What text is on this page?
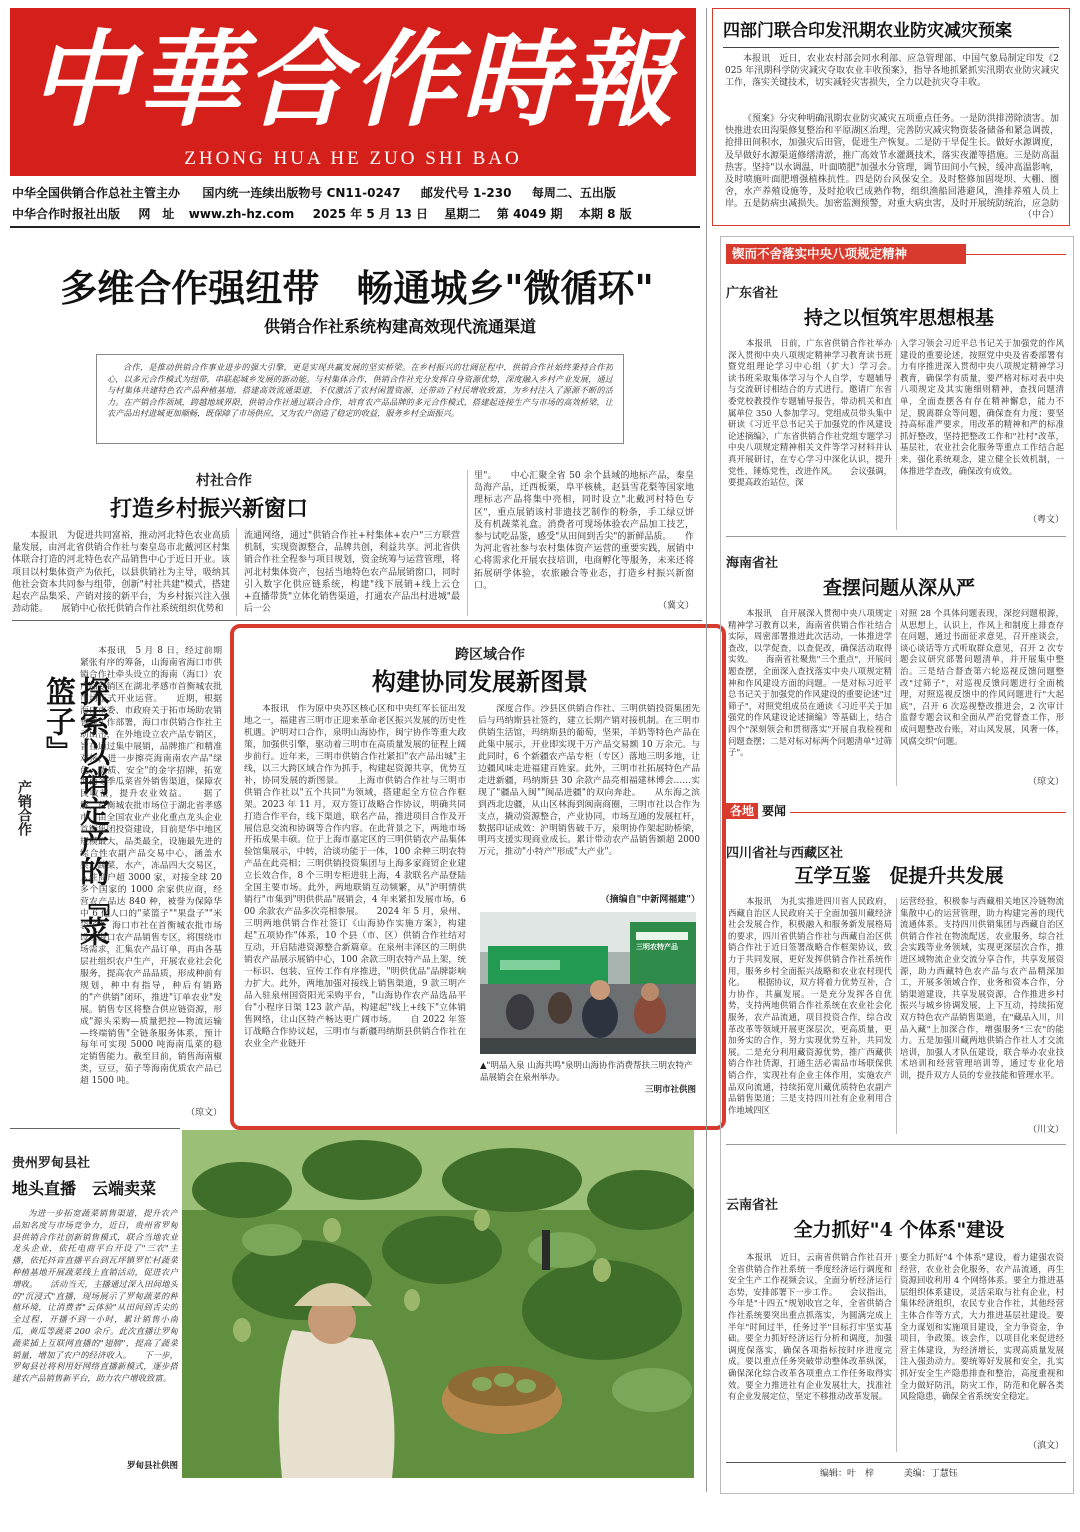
中華合作時報
ZHONG HUA HE ZUO SHI BAO
中华全国供销合作总社主管主办 国内统一连续出版物号 CN11-0247 邮发代号 1-230 每周二、五出版
中华合作时报社出版 网　址 www.zh-hz.com 2025 年 5 月 13 日 星期二 第 4049 期 本期 8 版
四部门联合印发汛期农业防灾减灾预案
本报讯　近日，农业农村部会同水利部、应急管理部、中国气象局制定印发《2025 年汛期科学防灾减灾夺取农业丰收预案》，指导各地抓紧抓实汛期农业防灾减灾工作，落实关键技术，切实减轻灾害损失，全力以赴抗灾夺丰收。
《预案》分灾种明确汛期农业防灾减灾五项重点任务。一是防洪排涝除渍害。加快推进农田沟渠修复整治和平原湖区治理，完善防灾减灾物资装备储备和紧急调拨，抢排田间积水，加强灾后田管，促进生产恢复。二是防干旱促生长。做好水源调度，及早做好水源渠道修缮清淤，推广高效节水灌溉技术，落实夜灌等措施。三是防高温热害。坚持"以水调温，叶面喷肥"加强水分管理，调节田间小气候，缓冲高温影响，及时喷施叶面肥增强植株抗性。四是防台风保安全。及时整修加固堤坝、大棚、圈舍，水产养殖设施等，及时抢收已成熟作物，组织渔船回港避风，渔排养殖人员上岸。五是防病虫减损失。加密监测预警，对重大病虫害，及时开展统防统治，应急防
（中合）
多维合作强纽带　畅通城乡"微循环"
供销合作社系统构建高效现代流通渠道
合作，是推动供销合作事业进步的强大引擎，更是实现共赢发展的坚实桥梁。在乡村振兴的壮阔征程中，供销合作社始终秉持合作初心，以多元合作模式为纽带，串联起城乡发展的新动能。与村集体合作，供销合作社充分发挥自身资源优势，深度融入乡村产业发展，通过与村集体共建特色农产品种植基地，搭建高效流通渠道，不仅激活了农村闲置资源，还带动了村民增收致富，为乡村注入了源源不断的活力。在产销合作领域，跨越地域界限，供销合作社通过联合合作，培育农产品品牌的多元合作模式，搭建起连接生产与市场的高效桥梁，让农产品出村进城更加顺畅，既保障了市场供应，又为农户创造了稳定的收益，服务乡村全面振兴。
村社合作
打造乡村振兴新窗口
本报讯　为促进共同富裕，推动河北特色农业高质量发展，由河北省供销合作社与秦皇岛市北戴河区村集体联合打造的河北特色农产品销售中心于近日开业。该项目以村集体资产为依托，以县供销社为主导，吸纳其他社会资本共同参与组带，创新"村社共建"模式，搭建起农产品集采、产销对接的新平台，为乡村振兴注入强劲动能。　　展销中心依托供销合作社系统组织优势和
流通网络，通过"供销合作社+村集体+农户"三方联营机制，实现资源整合，品牌共创，利益共享。河北省供销合作社全程参与项目规划，资金统筹与运营管理，将河北村集体资产，包括当地特色农产品展销窗口，同时引入数字化供应链系统，构建"线下展销+线上云仓+直播带货"立体化销售渠道，打通农产品出村进城"最后一公
里"。　　中心汇聚全省 50 余个县域的地标产品，秦皇岛海产品，迁西板栗，阜平核桃，赵县雪花梨等国家地理标志产品将集中亮相，同时设立"北戴河村特色专区"，重点展销该村非遗技艺制作的粉条，手工绿豆饼及有机蔬菜礼盒。消费者可现场体验农产品加工技艺，参与试吃品鉴，感受"从田间到舌尖"的新鲜品质。　　作为河北省社参与农村集体资产运营的重要实践，展销中心将需求化开展农技培训，电商孵化等服务，未来还将拓展研学体验，农旅融合等业态，打造乡村振兴新窗口。
（冀文）
产销合作	探索以销定产的『菜篮子』
本报讯　5 月 8 日，经过前期紧张有序的筹备，山海南省海口市供销合作社牵头设立的海南（海口）农产品专销区在湖北孝感市首衡城农批市场正式开业运营。　　近期，根据海口市委、市政府关于拓市场助农销售等工作部署，海口市供销合作社主动出击，在外地设立农产品专销区，旨在通过集中展销，品牌推广和精准对接，进一步擦亮海南南农产品"绿色、优质、安全"的金字招牌，拓宽海南冬季瓜菜省外销售渠道，保障农民收益，提升农业效益。　　据了解，首衡城农批市场位于湖北省孝感市，由全国农业产业化重点龙头企业首衡集团投资建设，目前是华中地区规模最大，品类最全，设施最先进的综合性农副产品交易中心，涵盖水果，蔬菜，水产，冻品四大交易区，入驻商户超 3000 家，对接全球 20 多个国家的 1000 余家供应商，经营农产品达 840 种，被誉为保障华中 6 亿人口的"菜篮子""果盘子""米袋子"。海口市社在首衡城农批市场设立海口农产品销售专区，将围绕市场需求，汇集农产品订单，再由各基层社组织农户生产，开展农业社会化服务，提高农产品品质，形成种前有规划，种中有指导，种后有销路的"产供销"闭环，推进"订单农业"发展。销售专区将整合供应链资源，形成"源头采购—质量把控—物流运输—终端销售"全链条服务体系，预计每年可实现 5000 吨海南瓜菜的稳定销售能力。截至目前，销售海南椒类，豆豆，茄子等海南优质农产品已超 1500 吨。
（琼文）
跨区域合作
构建协同发展新图景
本报讯　作为原中央苏区核心区和中央红军长征出发地之一，福建省三明市正迎来革命老区振兴发展的历史性机遇。沪明对口合作，泉明山海协作，闽宁协作等重大政策，加强供引擎，驱动着三明市在高质量发展的征程上阔步前行。近年来，三明市供销合作社紧扣"农产品出城"主线，以三大跨区域合作为抓手，构建起资源共享，优势互补，协同发展的新图景。　　上海市供销合作社与三明市供销合作社以"五个共同"为领域，搭建起全方位合作框架。2023 年 11 月，双方签订战略合作协议，明确共同打造合作平台，线下渠道，联名产品，推进项目合作及开展信息交流和协调等合作内容。在此背景之下，两地市场开拓成果丰硕。位于上海市嘉定区的三明供销农产品集体验馆集展示，中转，洽谈功能于一体，100 余种三明农特产品在此亮相；三明供销投资集团与上海多家商贸企业建立长效合作，8 个三明专柜进驻上海，4 款联名产品登陆全国主要市场。此外，两地联销互动频繁，从"沪明情供销行"市集到"明供供品"展销会，4 年来紧扣发展市场，600 余款农产品多次亮相参展。　　2024 年 5 月，泉州、三明两地供销合作社签订《山海协作实施方案》，构建起"五项协作"体系，10 个县（市、区）供销合作社结对互动，开启陆港资源整合新篇章。在泉州丰泽区的三明供销农产品展示展销中心，100 余款三明农特产品上架，统一标识、包装、宣传工作有序推进，"明供优品"品牌影响力扩大。此外，两地加强对接线上销售渠道，9 款三明产品入驻泉州国资阳光采购平台，"山海协作农产品选品平台"小程序日渠 123 款产品，构建起"线上+线下"立体销售网络，让山区特产畅达更广阔市场。　　自 2022 年签订战略合作协议起，三明市与新疆玛纳斯县供销合作社在农业全产业链开
深度合作。沙县区供销合作社、三明供销投资集团先后与玛纳斯县社签约，建立长期产销对接机制。在三明市供销生活馆，玛纳斯县的葡萄，坚果，羊奶等特色产品在此集中展示，开业即实现千万产品交易额 10 万余元。与此同时，6 个新疆农产品专柜（专区）落地三明多地，让边疆风味走进福建百姓家。此外，三明市社拓展特色产品走进新疆，玛纳斯县 30 余款产品亮相福建林博会……实现了"疆品入闽""闽品进疆"的双向奔赴。　　从东海之滨到西北边疆，从山区林海到闽南商圈，三明市社以合作为支点，撬动资源整合，产业协同，市场互通的发展杠杆，数据印证成效：沪明销售破千万，泉明协作架起助桥梁，明玛支援实现商业成长。累计带动农产品销售额超 2000 万元，推动"小特产"形成"大产业"。
（摘编自"中新网福建"）
三明农特产品
▲"明品入泉 山海共鸣"泉明山海协作消费帮扶三明农特产品展销会在泉州举办。
三明市社供图
贵州罗甸县社
地头直播　云端卖菜
为进一步拓宽蔬菜销售渠道，提升农产品知名度与市场竞争力，近日，贵州省罗甸县供销合作社创新销售模式，联合当地农业龙头企业，依托电商平台开设了"三农"主播，依托抖音直播平台到瓦坪镇罗忙村蔬菜种植基地开展蔬菜线上直销活动，促进农户增收。　　活动当天，主播通过深入田间地头的"沉浸式"直播，现场展示了罗甸蔬菜的种植环境，让消费者"云体验"从田间到舌尖的全过程，开播不到一小时，累计销售小南瓜，黄瓜等蔬菜 200 余斤。此次直播让罗甸蔬菜插上互联网直播的"翅膀"，提高了蔬菜销量，增加了农户的经济收入。　　下一步，罗甸县社将利用好网络直播新模式，逐步搭建农产品销售新平台，助力农户增收致富。
罗甸县社供图
锲而不舍落实中央八项规定精神
广东省社
持之以恒筑牢思想根基
本报讯　日前，广东省供销合作社举办深入贯彻中央八项规定精神学习教育读书班暨党组理论学习中心组（扩大）学习会。　　读书班采取集体学习与个人自学，专题辅导与交流研讨相结合的方式进行。邀请广东省委党校教授作专题辅导报告，带动机关和直属单位 350 人参加学习。党组成员带头集中研读《习近平总书记关于加强党的作风建设论述摘编》，广东省供销合作社党组专题学习中央八项规定精神相关文件等学习材料并认真开展研讨，在专心学习中深化认识，提升党性，锤炼党性，改进作风。　　会议强调，要提高政治站位，深
入学习领会习近平总书记关于加强党的作风建设的重要论述，按照党中央及省委部署有力有序推进深入贯彻中央八项规定精神学习教育，确保学有质量，要严格对标对表中央八项规定及其实施细则精神，查找问题清单，全面查摆各有存在精神懈怠，能力不足，脱离群众等问题，确保查有力度；要坚持高标准严要求，用改革的精神和严的标准抓好整改，坚持把整改工作和"社村"改革，基层社，农业社会化服务等重点工作结合起来，强化系统观念，建立健全长效机制，一体推进学查改，确保改有成效。
（粤文）
海南省社
查摆问题从深从严
本报讯　自开展深入贯彻中央八项规定精神学习教育以来，海南省供销合作社结合实际，周密部署推进此次活动，一体推进学查改，以学促查，以查促改，确保活动取得实效。　　海南省社聚焦"三个重点"，开展问题查摆，全面深入查找落实中央八项规定精神和作风建设方面的问题。一是对标习近平总书记关于加强党的作风建设的重要论述"过筛子"，对照党组成员在通读《习近平关于加强党的作风建设论述摘编》等基础上，结合四个"深刻领会和贯彻落实"开展自我检视和问题查摆；二是对标对标两个问题清单"过筛子"。
对照 28 个具体问题表现，深挖问题根源，从思想上，认识上，作风上和制度上排查存在问题，通过书面征求意见，召开座谈会，谈心谈话等方式听取群众意见，召开 2 次专题会议研究部署问题清单，并开展集中整治。三是结合督查第六轮巡视反馈问题整改"过筛子"，对巡视反馈问题进行全面梳理，对照巡视反馈中的作风问题进行"大起底"，召开 6 次巡视整改推进会，2 次审计监督专题会议和全面从严治党督查工作，形成问题整改台账，对山风发展，风奢一体，风腐交织"问题。
（琼文）
各地 要闻
四川省社与西藏区社
互学互鉴　促提升共发展
本报讯　为扎实推进四川省人民政府，西藏自治区人民政府关于全面加强川藏经济社会发展合作，积极融入和服务新发展格局的要求，四川省供销合作社与西藏自治区供销合作社于近日签署战略合作框架协议，致力于共同发展，更好发挥供销合作社系统作用，服务乡村全面振兴战略和农业农村现代化。　　根据协议，双方将着力优势互补，合力协作，共赢发展。一是充分发挥各自优势，支持两地供销合作社系统在农业社会化服务，农产品流通，项目投资合作，综合改革改革等领域开展更深层次，更高质量，更加务实的合作，努力实现优势互补，共同发展。二是充分利用藏资源优势，推广西藏供销合作社货源，打通生活必需品市场联保供销合作，实现社有企业主体作用，实施农产品双向流通，持续拓宽川藏优质特色农副产品销售渠道；三是支持四川社有企业利用合作地域四区
运营经验，积极参与西藏相关地区冷链物流集散中心的运营管理，助力构建完善的现代流通体系。支持四川供销集团与西藏自治区供销合作社在物流配送，农业服务，综合社会实践等业务领域，实现更深层次合作，推进区域物流企业交流分享合作，共享发展资源，助力西藏特色农产品与农产品精深加工，开展多领域合作，业务和资本合作，分销渠道建设，共享发展资源，合作推进乡村振兴与城乡协调发展，上下互动，持续拓宽双方特色农产品销售渠道，在"藏品入川，川品入藏"上加深合作，增强服务"三农"的能力。五是加强川藏两地供销合作社人才交流培训，加强人才队伍建设，联合举办农业技术培训和经营管理培训等，通过专业化培训，提升双方人员的专业技能和管理水平。
（川文）
云南省社
全力抓好"4 个体系"建设
本报讯　近日，云南省供销合作社召开全省供销合作社系统一季度经济运行调度和安全生产工作视频会议，全面分析经济运行态势，安排部署下一步工作。　　会议指出，今年是"十四五"规划收官之年，全省供销合作社系统要突出重点抓落实，为圆满完成上半年"时间过半，任务过半"目标打牢坚实基础。要全力抓好经济运行分析和调度，加强调度保落实，确保各项指标按时序进度完成。要以重点任务突破带动整体改革纵深，确保深化综合改革各项重点工作任务取得实效。要全力推进社有企业发展壮大，找准社有企业发展定位，坚定不移推动改革发展。
要全力抓好"4 个体系"建设，着力建强农资经营，农业社会化服务，农产品流通，再生资源回收利用 4 个网络体系。要全力推进基层组织体系建设，灵活采取与社有企业，村集体经济组织，农民专业合作社，其他经营主体合作等方式，大力推进基层社建设。要全力谋划和实施项目建设，全力争资金，争项目，争政策。该会作，以项目化来促进经营主体建设，为经济增长，实现高质量发展注入强劲动力。要统筹好发展和安全，扎实抓好安全生产隐患排查和整治，高度重视和全力做好防汛，防灾工作，防范和化解各类风险隐患，确保全省系统安全稳定。
（滇文）
编辑：叶　梓	美编：丁慧钰
